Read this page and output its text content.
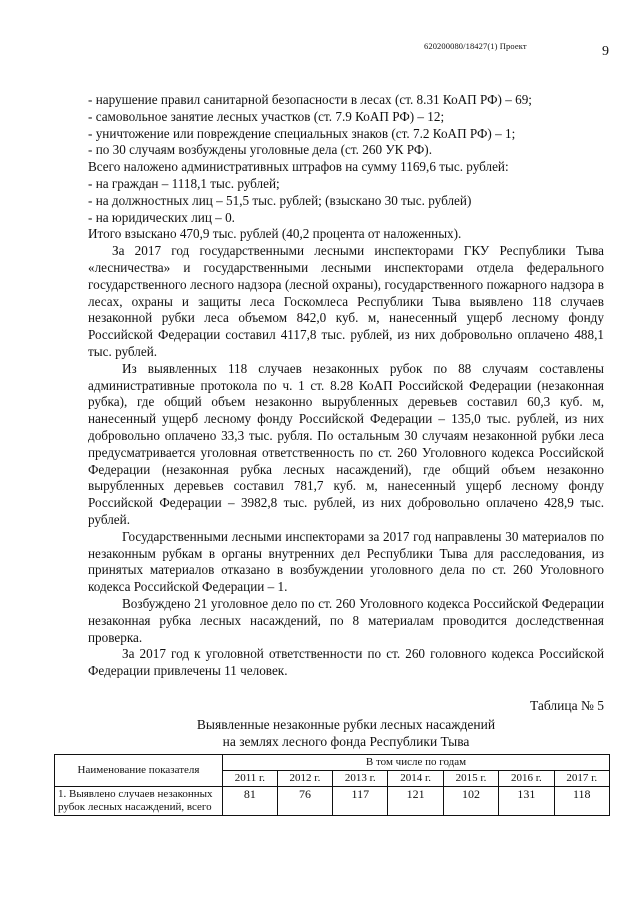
620200080/18427(1) Проект	9

- нарушение правил санитарной безопасности в лесах (ст. 8.31 КоАП РФ) – 69;

- самовольное занятие лесных участков (ст. 7.9 КоАП РФ) – 12;

- уничтожение или повреждение специальных знаков (ст. 7.2 КоАП РФ) – 1;

- по 30 случаям возбуждены уголовные дела (ст. 260 УК РФ).

Всего наложено административных штрафов на сумму 1169,6 тыс. рублей:

- на граждан – 1118,1 тыс. рублей;

- на должностных лиц – 51,5 тыс. рублей; (взыскано 30 тыс. рублей)

- на юридических лиц – 0.

Итого взыскано 470,9 тыс. рублей (40,2 процента от наложенных).

За 2017 год государственными лесными инспекторами ГКУ Республики Тыва «лесничества» и государственными лесными инспекторами отдела федерального государственного лесного надзора (лесной охраны), государственного пожарного надзора в лесах, охраны и защиты леса Госкомлеса Республики Тыва выявлено 118 случаев незаконной рубки леса объемом 842,0 куб. м, нанесенный ущерб лесному фонду Российской Федерации составил 4117,8 тыс. рублей, из них добровольно оплачено 488,1 тыс. рублей.

Из выявленных 118 случаев незаконных рубок по 88 случаям составлены административные протокола по ч. 1 ст. 8.28 КоАП Российской Федерации (незаконная рубка), где общий объем незаконно вырубленных деревьев составил 60,3 куб. м, нанесенный ущерб лесному фонду Российской Федерации – 135,0 тыс. рублей, из них добровольно оплачено 33,3 тыс. рубля. По остальным 30 случаям незаконной рубки леса предусматривается уголовная ответственность по ст. 260 Уголовного кодекса Российской Федерации (незаконная рубка лесных насаждений), где общий объем незаконно вырубленных деревьев составил 781,7 куб. м, нанесенный ущерб лесному фонду Российской Федерации – 3982,8 тыс. рублей, из них добровольно оплачено 428,9 тыс. рублей.

Государственными лесными инспекторами за 2017 год направлены 30 материалов по незаконным рубкам в органы внутренних дел Республики Тыва для расследования, из принятых материалов отказано в возбуждении уголовного дела по ст. 260 Уголовного кодекса Российской Федерации – 1.

Возбуждено 21 уголовное дело по ст. 260 Уголовного кодекса Российской Федерации незаконная рубка лесных насаждений, по 8 материалам проводится доследственная проверка.

За 2017 год к уголовной ответственности по ст. 260 головного кодекса Российской Федерации привлечены 11 человек.

Таблица № 5
Выявленные незаконные рубки лесных насаждений
на землях лесного фонда Республики Тыва
Наименование показателя	В том числе по годам						
	2011 г.	2012 г.	2013 г.	2014 г.	2015 г.	2016 г.	2017 г.
1. Выявлено случаев незаконных рубок лесных насаждений, всего	81	76	117	121	102	131	118
